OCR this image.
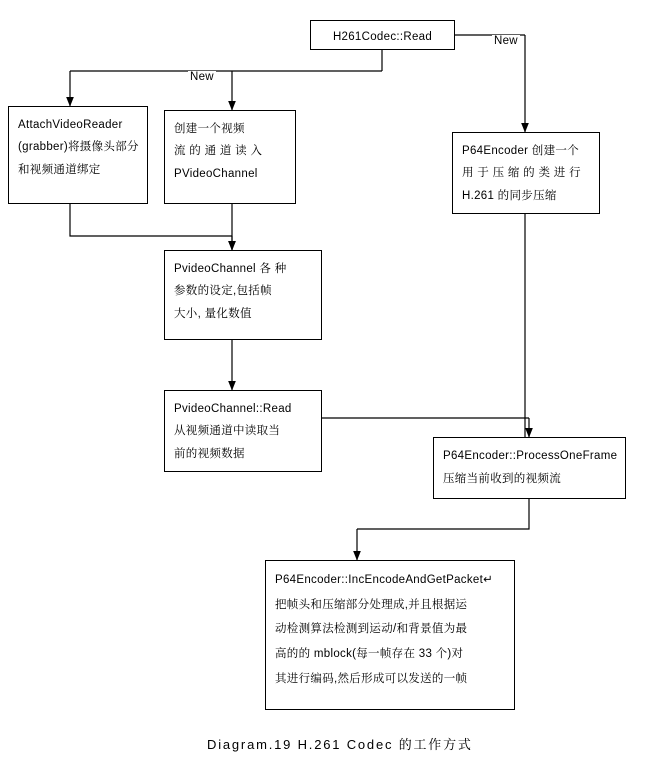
H261Codec::Read
AttachVideoReader
(grabber)将摄像头部分
和视频通道绑定
创建一个视频
流 的 通 道 读 入
PVideoChannel
P64Encoder 创建一个
用 于 压 缩 的 类 进 行
H.261 的同步压缩
PvideoChannel 各 种
参数的设定,包括帧
大小, 量化数值
PvideoChannel::Read
从视频通道中读取当
前的视频数据	P64Encoder::ProcessOneFrame
压缩当前收到的视频流
P64Encoder::IncEncodeAndGetPacket↵
把帧头和压缩部分处理成,并且根据运
动检测算法检测到运动/和背景值为最
高的的 mblock(每一帧存在 33 个)对
其进行编码,然后形成可以发送的一帧
New
New
Diagram.19 H.261 Codec 的工作方式
